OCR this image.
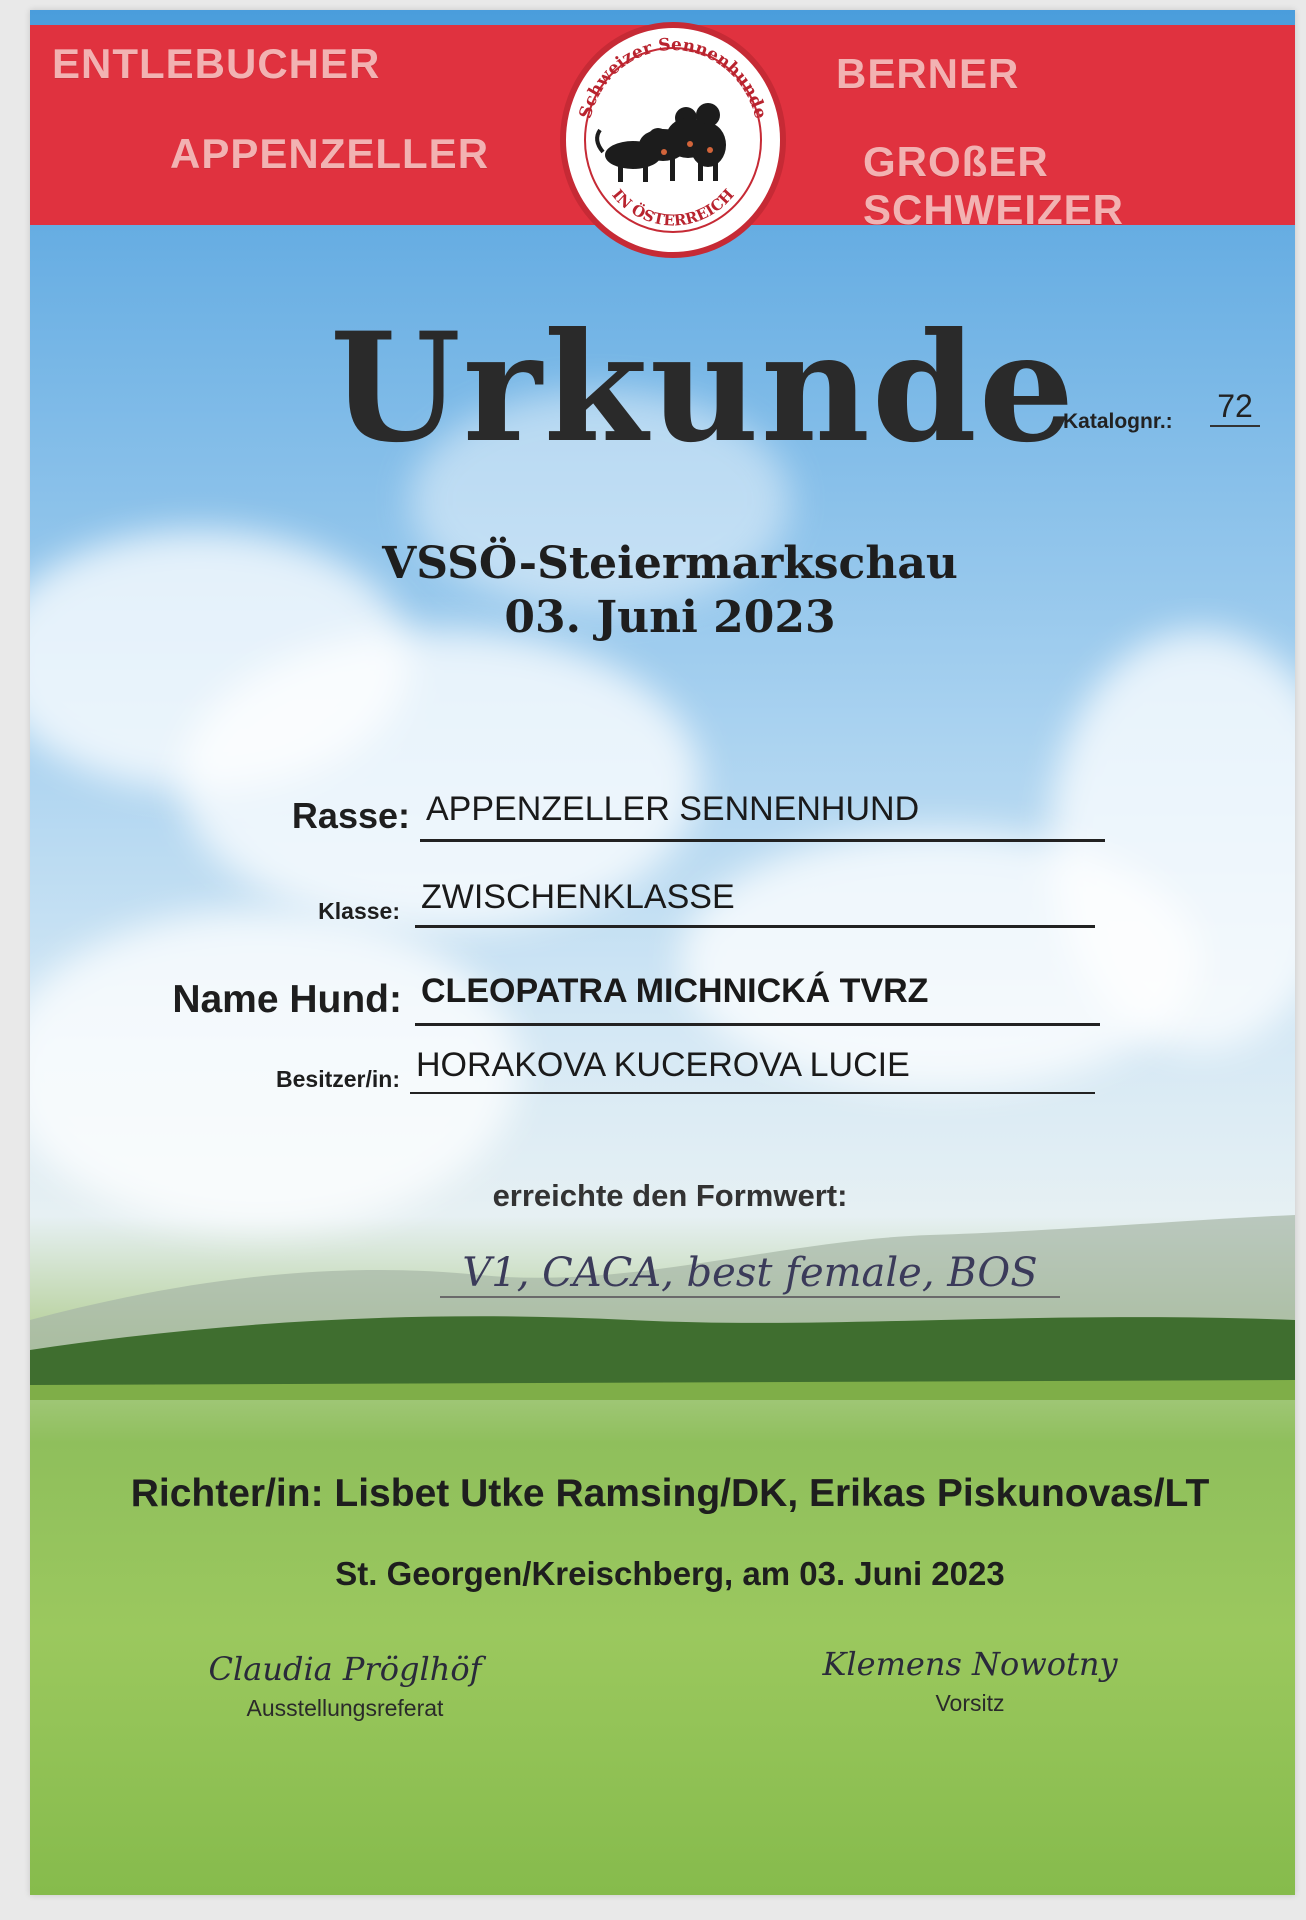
ENTLEBUCHER
APPENZELLER
BERNER
GROßER SCHWEIZER
Schweizer Sennenhunde
IN ÖSTERREICH
Urkunde
Katalognr.: 72
VSSÖ-Steiermarkschau
03. Juni 2023
Rasse: APPENZELLER SENNENHUND
Klasse: ZWISCHENKLASSE
Name Hund: CLEOPATRA MICHNICKÁ TVRZ
Besitzer/in: HORAKOVA KUCEROVA LUCIE
erreichte den Formwert:
V1, CACA, best female, BOS
Richter/in: Lisbet Utke Ramsing/DK, Erikas Piskunovas/LT
St. Georgen/Kreischberg, am 03. Juni 2023
Claudia Pröglhöf
Ausstellungsreferat
Klemens Nowotny
Vorsitz
